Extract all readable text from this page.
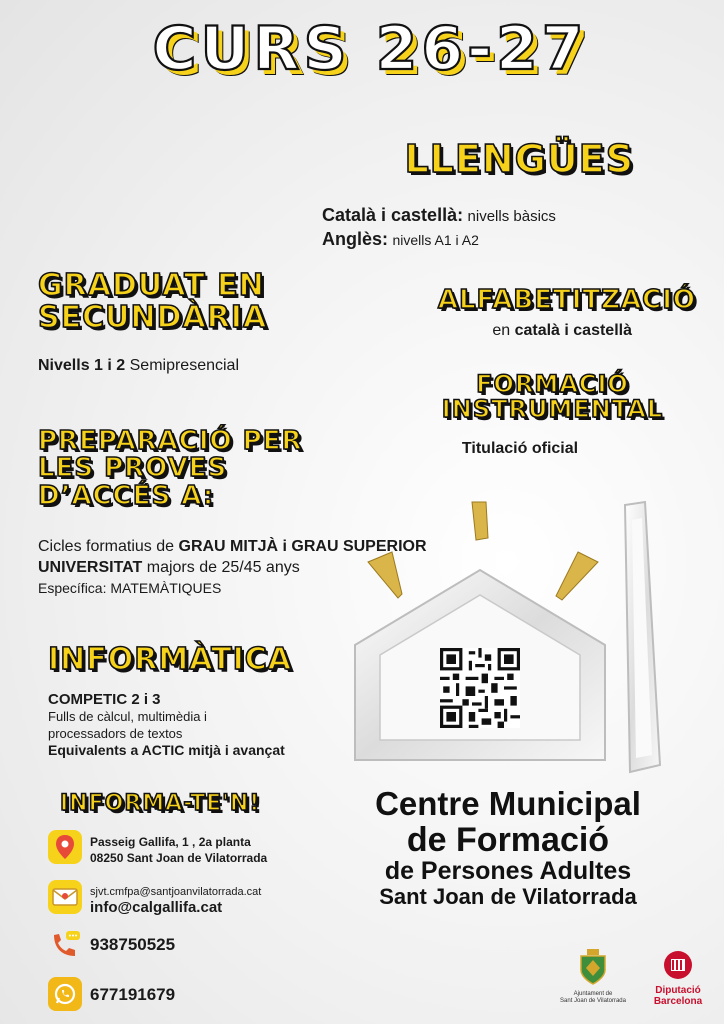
CURS 26-27
LLENGÜES
Català i castellà: nivells bàsics
Anglès: nivells A1 i A2
GRADUAT EN
SECUNDÀRIA
Nivells 1 i 2 Semipresencial
ALFABETITZACIÓ
en català i castellà
FORMACIÓ
INSTRUMENTAL
Titulació oficial
PREPARACIÓ PER
LES PROVES
D’ACCÉS A:
Cicles formatius de GRAU MITJÀ i GRAU SUPERIOR
UNIVERSITAT majors de 25/45 anys
Específica: MATEMÀTIQUES
INFORMÀTICA
COMPETIC 2 i 3
Fulls de càlcul, multimèdia i
processadors de textos
Equivalents a ACTIC mitjà i avançat
INFORMA-TE'N!
Passeig Gallifa, 1 , 2a planta
08250 Sant Joan de Vilatorrada
sjvt.cmfpa@santjoanvilatorrada.cat
info@calgallifa.cat
938750525
677191679
Centre Municipal
de Formació
de Persones Adultes
Sant Joan de Vilatorrada
Ajuntament de
Sant Joan de Vilatorrada
Diputació
Barcelona
